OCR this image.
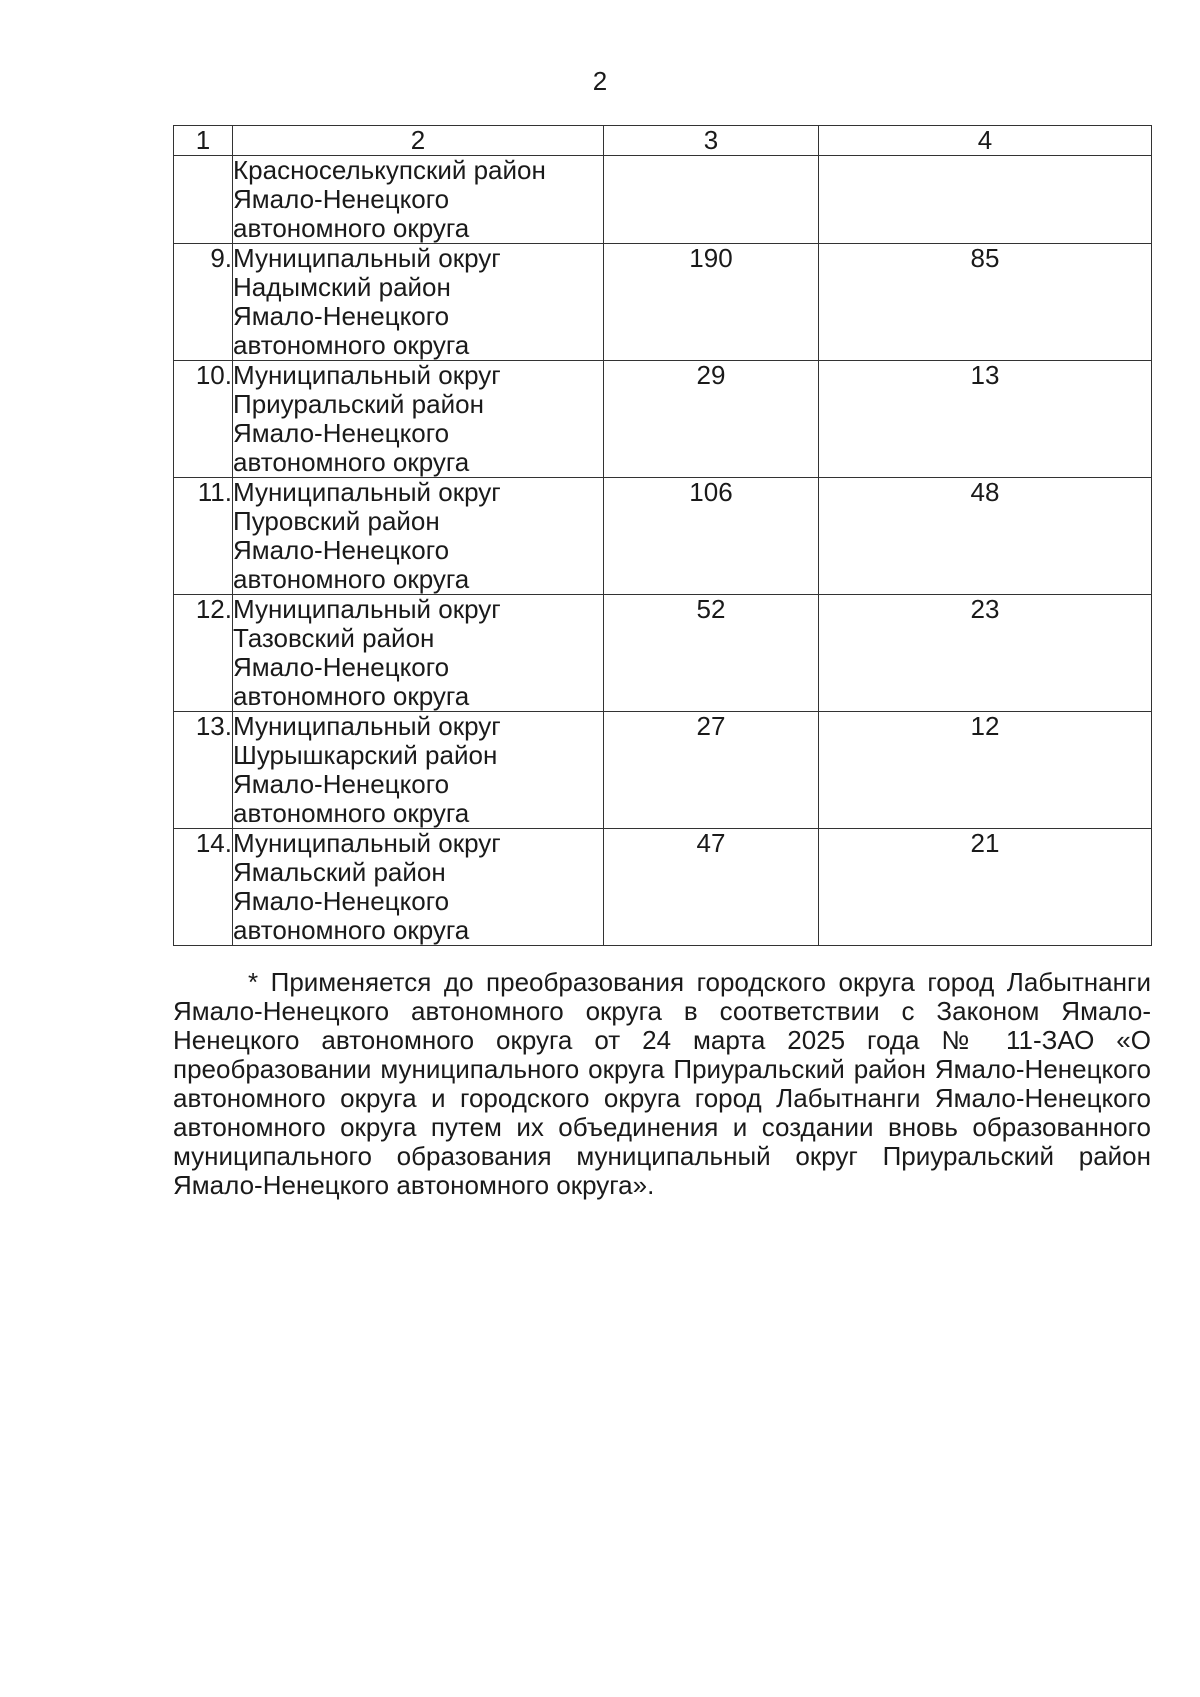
2
1	2	3	4

	Красноселькупский район
Ямало-Ненецкого
автономного округа		

9.	Муниципальный округ
Надымский район
Ямало-Ненецкого
автономного округа	190	85
10.	Муниципальный округ
Приуральский район
Ямало-Ненецкого
автономного округа	29	13
11.	Муниципальный округ
Пуровский район
Ямало-Ненецкого
автономного округа	106	48
12.	Муниципальный округ
Тазовский район
Ямало-Ненецкого
автономного округа	52	23
13.	Муниципальный округ
Шурышкарский район
Ямало-Ненецкого
автономного округа	27	12
14.	Муниципальный округ
Ямальский район
Ямало-Ненецкого
автономного округа	47	21

* Применяется до преобразования городского округа город Лабытнанги Ямало-Ненецкого автономного округа в соответствии с Законом Ямало-Ненецкого автономного округа от 24 марта 2025 года № 11-ЗАО «О преобразовании муниципального округа Приуральский район Ямало-Ненецкого автономного округа и городского округа город Лабытнанги Ямало-Ненецкого автономного округа путем их объединения и создании вновь образованного муниципального образования муниципальный округ Приуральский район Ямало-Ненецкого автономного округа».
